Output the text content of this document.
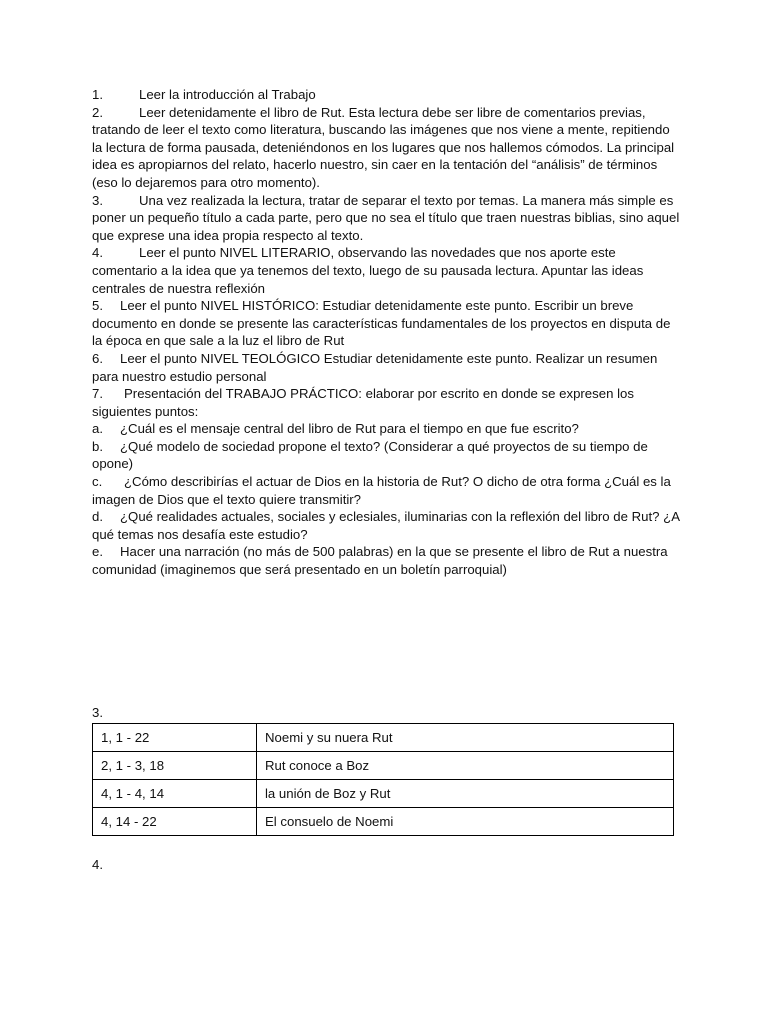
1.	Leer la introducción al Trabajo

2.	Leer detenidamente el libro de Rut. Esta lectura debe ser libre de comentarios previas, tratando de leer el texto como literatura, buscando las imágenes que nos viene a mente, repitiendo la lectura de forma pausada, deteniéndonos en los lugares que nos hallemos cómodos. La principal idea es apropiarnos del relato, hacerlo nuestro, sin caer en la tentación del “análisis” de términos (eso lo dejaremos para otro momento).

3.	Una vez realizada la lectura, tratar de separar el texto por temas. La manera más simple es poner un pequeño título a cada parte, pero que no sea el título que traen nuestras biblias, sino aquel que exprese una idea propia respecto al texto.

4.	Leer el punto NIVEL LITERARIO, observando las novedades que nos aporte este comentario a la idea que ya tenemos del texto, luego de su pausada lectura. Apuntar las ideas centrales de nuestra reflexión

5. Leer el punto NIVEL HISTÓRICO: Estudiar detenidamente este punto. Escribir un breve documento en donde se presente las características fundamentales de los proyectos en disputa de la época en que sale a la luz el libro de Rut

6. Leer el punto NIVEL TEOLÓGICO Estudiar detenidamente este punto. Realizar un resumen para nuestro estudio personal

7. Presentación del TRABAJO PRÁCTICO: elaborar por escrito en donde se expresen los siguientes puntos:

a. ¿Cuál es el mensaje central del libro de Rut para el tiempo en que fue escrito?

b. ¿Qué modelo de sociedad propone el texto? (Considerar a qué proyectos de su tiempo de opone)

c. ¿Cómo describirías el actuar de Dios en la historia de Rut? O dicho de otra forma ¿Cuál es la imagen de Dios que el texto quiere transmitir?

d. ¿Qué realidades actuales, sociales y eclesiales, iluminarias con la reflexión del libro de Rut? ¿A qué temas nos desafía este estudio?

e. Hacer una narración (no más de 500 palabras) en la que se presente el libro de Rut a nuestra comunidad (imaginemos que será presentado en un boletín parroquial)

3.
1, 1 - 22	Noemi y su nuera Rut
2, 1 - 3, 18	Rut conoce a Boz
4, 1 - 4, 14	la unión de Boz y Rut
4, 14 - 22	El consuelo de Noemi
4.
